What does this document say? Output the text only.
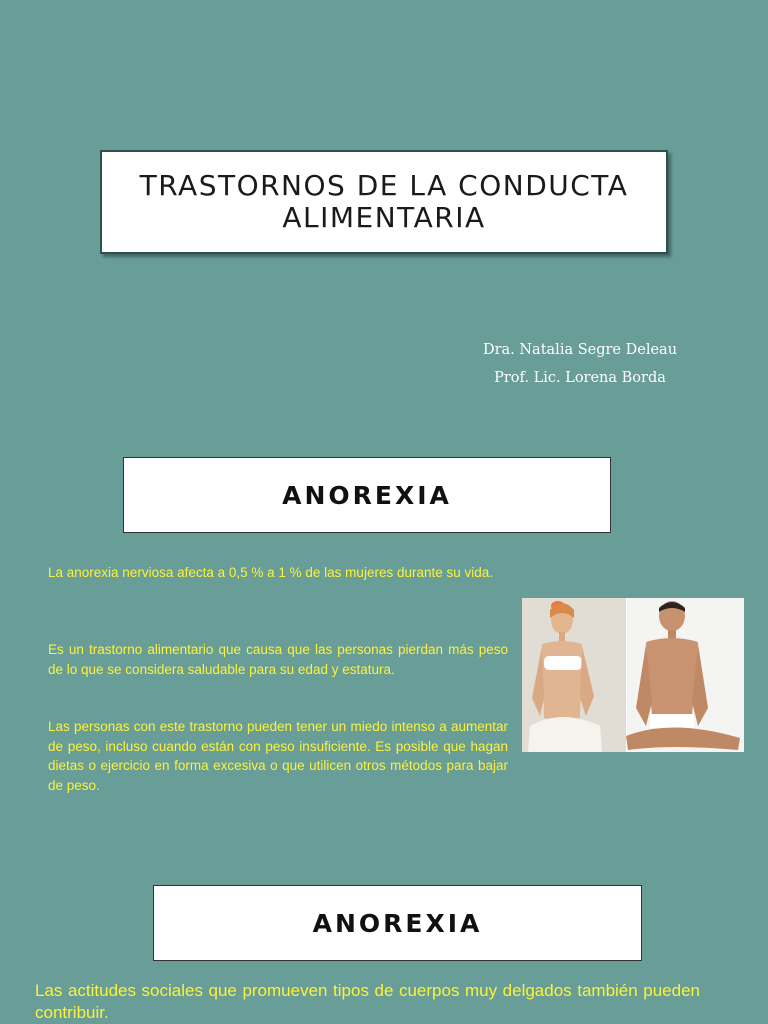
TRASTORNOS DE LA CONDUCTA
ALIMENTARIA
Dra. Natalia Segre Deleau
Prof. Lic. Lorena Borda
ANOREXIA

La anorexia nerviosa afecta a 0,5 % a 1 % de las mujeres durante su vida.

Es un trastorno alimentario que causa que las personas pierdan más peso de lo que se considera saludable para su edad y estatura.

Las personas con este trastorno pueden tener un miedo intenso a aumentar de peso, incluso cuando están con peso insuficiente. Es posible que hagan dietas o ejercicio en forma excesiva o que utilicen otros métodos para bajar de peso.

ANOREXIA

Las actitudes sociales que promueven tipos de cuerpos muy delgados también pueden contribuir.
